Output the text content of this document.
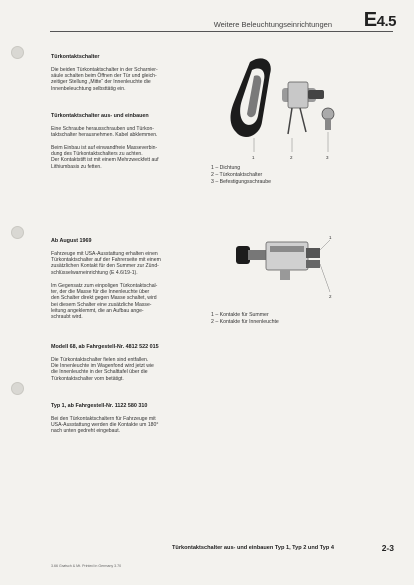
Weitere Beleuchtungseinrichtungen E4.5
Türkontaktschalter
Die beiden Türkontaktschalter in der Scharnier-
säule schalten beim Öffnen der Tür und gleich-
zeitiger Stellung „Mitte“ der Innenleuchte die
Innenbeleuchtung selbsttätig ein.
Türkontaktschalter aus- und einbauen
Eine Schraube herausschrauben und Türkon-
taktschalter herausnehmen. Kabel abklemmen.
Beim Einbau ist auf einwandfreie Masseverbin-
dung des Türkontaktschalters zu achten.
Der Kontaktstift ist mit einem Mehrzweckfett auf
Lithiumbasis zu fetten.
1	2	3
1 – Dichtung
2 – Türkontaktschalter
3 – Befestigungsschraube
Ab August 1969
Fahrzeuge mit USA-Ausstattung erhalten einen
Türkontaktschalter auf der Fahrerseite mit einem
zusätzlichen Kontakt für den Summer zur Zünd-
schlüsselwarneinrichtung (E 4.6/19-1).
Im Gegensatz zum einpoligen Türkontaktschal-
ter, der die Masse für die Innenleuchte über
den Schalter direkt gegen Masse schaltet, wird
bei diesem Schalter eine zusätzliche Masse-
leitung angeklemmt, die an Aufbau ange-
schraubt wird.
1
2
1 – Kontakte für Summer
2 – Kontakte für Innenleuchte
Modell 68, ab Fahrgestell-Nr. 4812 522 015
Die Türkontaktschalter fielen sind entfallen.
Die Innenleuchte im Wagenfond wird jetzt wie
die Innenleuchte in der Schalttafel über die
Türkontaktschalter vorn betätigt.
Typ 1, ab Fahrgestell-Nr. 1122 580 310
Bei den Türkontaktschaltern für Fahrzeuge mit
USA-Ausstattung werden die Kontakte um 180°
nach unten gedreht eingebaut.
Türkontaktschalter aus- und einbauen Typ 1, Typ 2 und Typ 4	2-3
3.66 Grøtsch & Mt. Printed in Germany 3.70
